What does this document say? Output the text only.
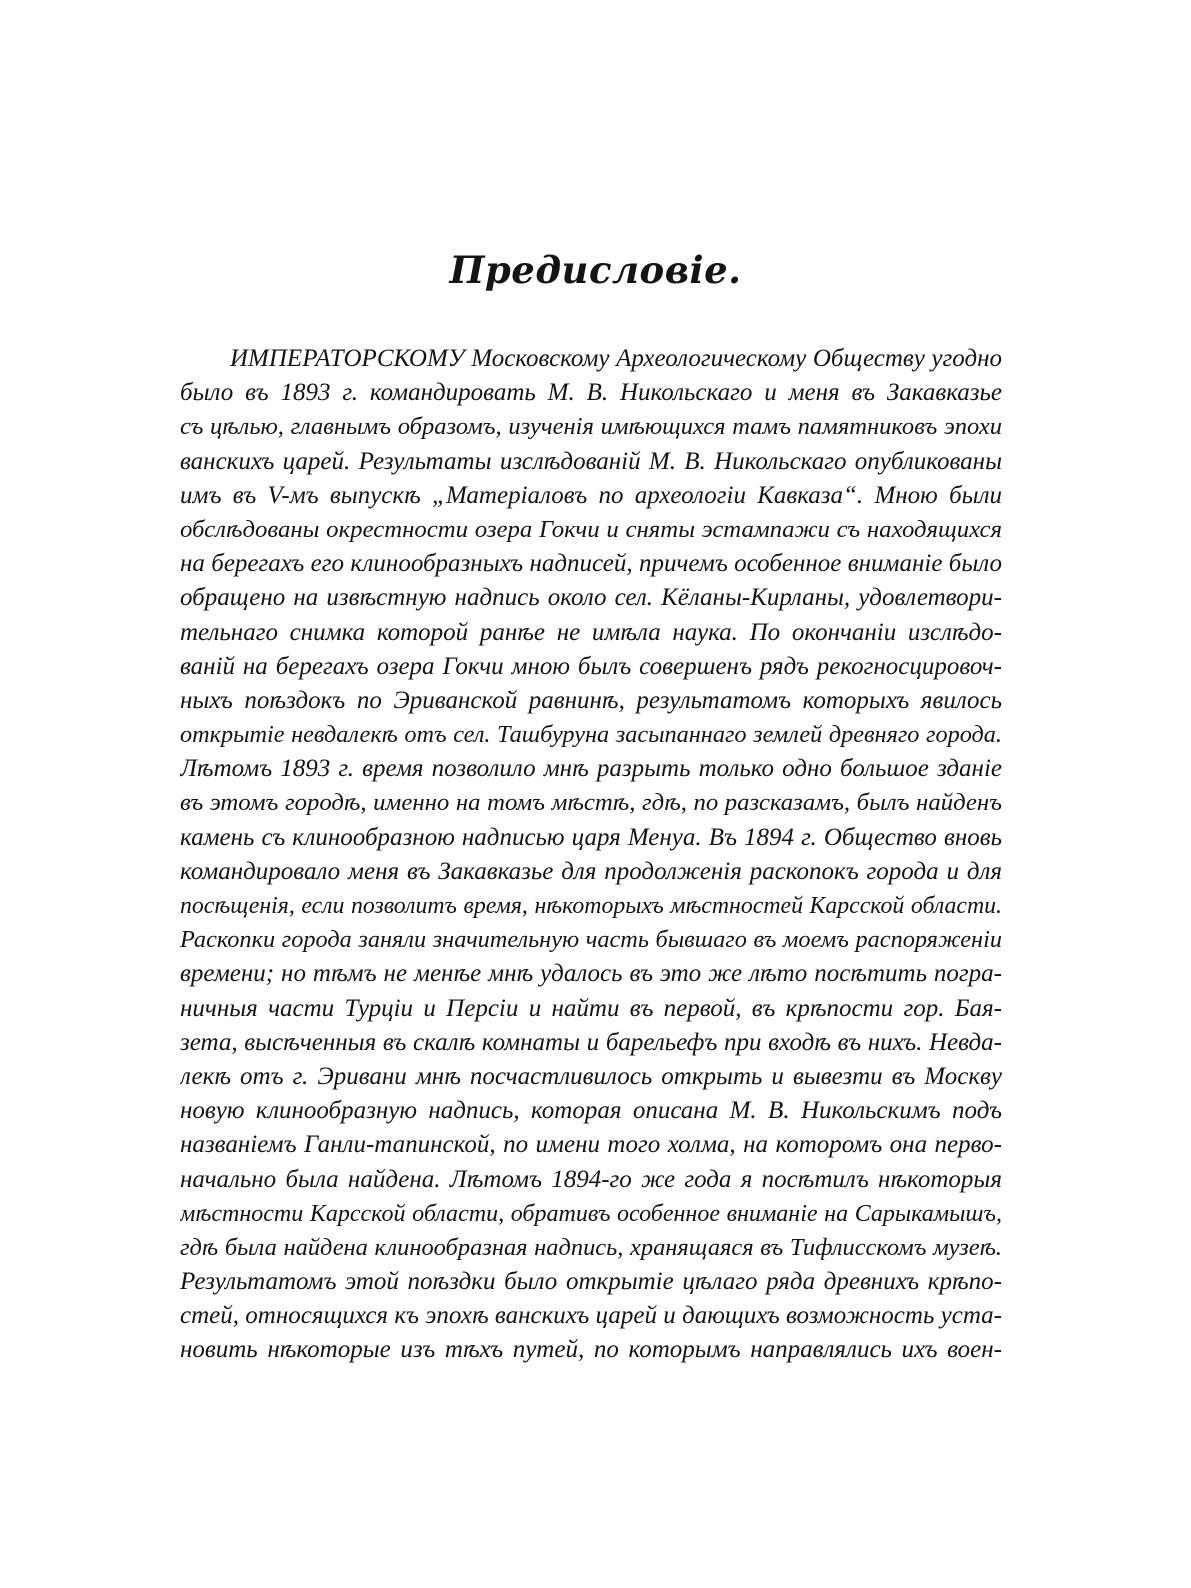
Предисловіе.
ИМПЕРАТОРСКОМУ Московскому Археологическому Обществу угодно
было въ 1893 г. командировать М. В. Никольскаго и меня въ Закавказье
съ цѣлью, главнымъ образомъ, изученія имѣющихся тамъ памятниковъ эпохи
ванскихъ царей. Результаты изслѣдованій М. В. Никольскаго опубликованы
имъ въ V-мъ выпускѣ „Матеріаловъ по археологіи Кавказа“. Мною были
обслѣдованы окрестности озера Гокчи и сняты эстампажи съ находящихся
на берегахъ его клинообразныхъ надписей, причемъ особенное вниманіе было
обращено на извѣстную надпись около сел. Кёланы-Кирланы, удовлетвори-
тельнаго снимка которой ранѣе не имѣла наука. По окончаніи изслѣдо-
ваній на берегахъ озера Гокчи мною былъ совершенъ рядъ рекогносцировоч-
ныхъ поѣздокъ по Эриванской равнинѣ, результатомъ которыхъ явилось
открытіе невдалекѣ отъ сел. Ташбуруна засыпаннаго землей древняго города.
Лѣтомъ 1893 г. время позволило мнѣ разрыть только одно большое зданіе
въ этомъ городѣ, именно на томъ мѣстѣ, гдѣ, по разсказамъ, былъ найденъ
камень съ клинообразною надписью царя Менуа. Въ 1894 г. Общество вновь
командировало меня въ Закавказье для продолженія раскопокъ города и для
посѣщенія, если позволитъ время, нѣкоторыхъ мѣстностей Карсской области.
Раскопки города заняли значительную часть бывшаго въ моемъ распоряженіи
времени; но тѣмъ не менѣе мнѣ удалось въ это же лѣто посѣтить погра-
ничныя части Турціи и Персіи и найти въ первой, въ крѣпости гор. Бая-
зета, высѣченныя въ скалѣ комнаты и барельефъ при входѣ въ нихъ. Невда-
лекѣ отъ г. Эривани мнѣ посчастливилось открыть и вывезти въ Москву
новую клинообразную надпись, которая описана М. В. Никольскимъ подъ
названіемъ Ганли-тапинской, по имени того холма, на которомъ она перво-
начально была найдена. Лѣтомъ 1894-го же года я посѣтилъ нѣкоторыя
мѣстности Карсской области, обративъ особенное вниманіе на Сарыкамышъ,
гдѣ была найдена клинообразная надпись, хранящаяся въ Тифлисскомъ музеѣ.
Результатомъ этой поѣздки было открытіе цѣлаго ряда древнихъ крѣпо-
стей, относящихся къ эпохѣ ванскихъ царей и дающихъ возможность уста-
новить нѣкоторые изъ тѣхъ путей, по которымъ направлялись ихъ воен-
